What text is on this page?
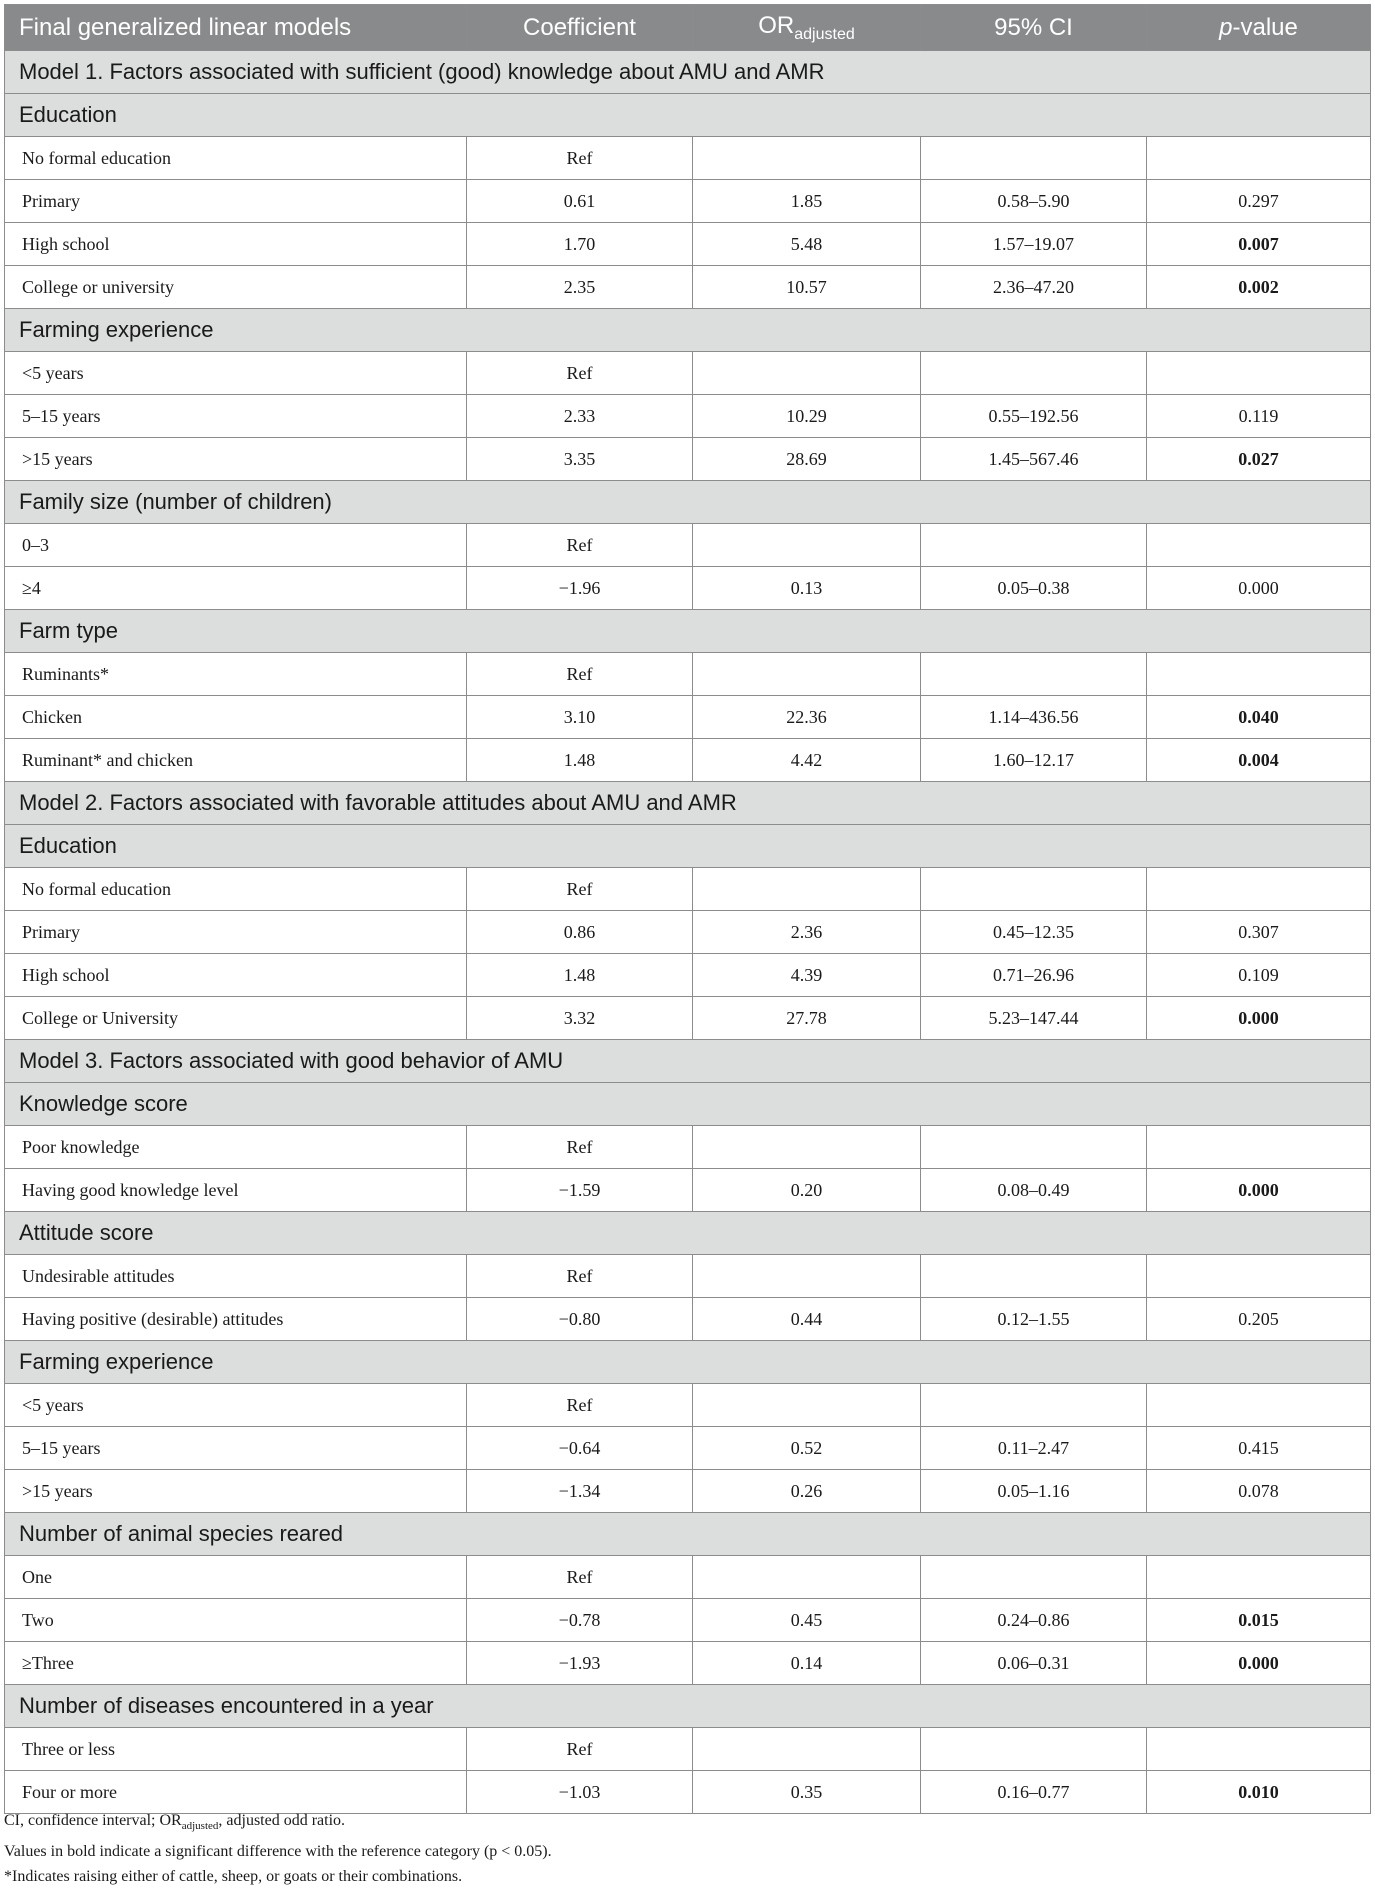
Final generalized linear models	Coefficient	$OR_{adjusted}$	95% CI	p-value
Model 1. Factors associated with sufficient (good) knowledge about AMU and AMR				
Education				
No formal education	Ref			
Primary	0.61	1.85	0.58–5.90	0.297
High school	1.70	5.48	1.57–19.07	0.007
College or university	2.35	10.57	2.36–47.20	0.002
Farming experience				
<5 years	Ref			
5–15 years	2.33	10.29	0.55–192.56	0.119
>15 years	3.35	28.69	1.45–567.46	0.027
Family size (number of children)				
0–3	Ref			
≥4	−1.96	0.13	0.05–0.38	0.000
Farm type				
Ruminants*	Ref			
Chicken	3.10	22.36	1.14–436.56	0.040
Ruminant* and chicken	1.48	4.42	1.60–12.17	0.004
Model 2. Factors associated with favorable attitudes about AMU and AMR				
Education				
No formal education	Ref			
Primary	0.86	2.36	0.45–12.35	0.307
High school	1.48	4.39	0.71–26.96	0.109
College or University	3.32	27.78	5.23–147.44	0.000
Model 3. Factors associated with good behavior of AMU				
Knowledge score				
Poor knowledge	Ref			
Having good knowledge level	−1.59	0.20	0.08–0.49	0.000
Attitude score				
Undesirable attitudes	Ref			
Having positive (desirable) attitudes	−0.80	0.44	0.12–1.55	0.205
Farming experience				
<5 years	Ref			
5–15 years	−0.64	0.52	0.11–2.47	0.415
>15 years	−1.34	0.26	0.05–1.16	0.078
Number of animal species reared				
One	Ref			
Two	−0.78	0.45	0.24–0.86	0.015
≥Three	−1.93	0.14	0.06–0.31	0.000
Number of diseases encountered in a year				
Three or less	Ref			
Four or more	−1.03	0.35	0.16–0.77	0.010

CI, confidence interval; $OR_{adjusted}$, adjusted odd ratio.

Values in bold indicate a significant difference with the reference category (p < 0.05).

*Indicates raising either of cattle, sheep, or goats or their combinations.
